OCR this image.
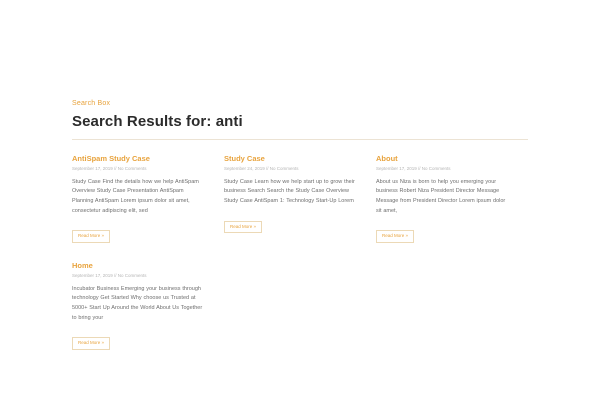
Search Box
Search Results for: anti
AntiSpam Study Case
September 17, 2019 // No Comments

Study Case Find the details how we help AntiSpam Overview Study Case Presentation AntiSpam Planning AntiSpam Lorem ipsum dolor sit amet, consectetur adipiscing elit, sed

Read More »
Study Case
September 24, 2019 // No Comments

Study Case Learn how we help start up to grow their business Search Search the Study Case Overview Study Case AntiSpam 1: Technology Start-Up Lorem

Read More »
About
September 17, 2019 // No Comments

About us Niza is born to help you emerging your business Robert Niza President Director Message Message from President Director Lorem ipsum dolor sit amet,

Read More »
Home
September 17, 2019 // No Comments

Incubator Business Emerging your business through technology Get Started Why choose us Trusted at 5000+ Start Up Around the World About Us Together to bring your

Read More »
